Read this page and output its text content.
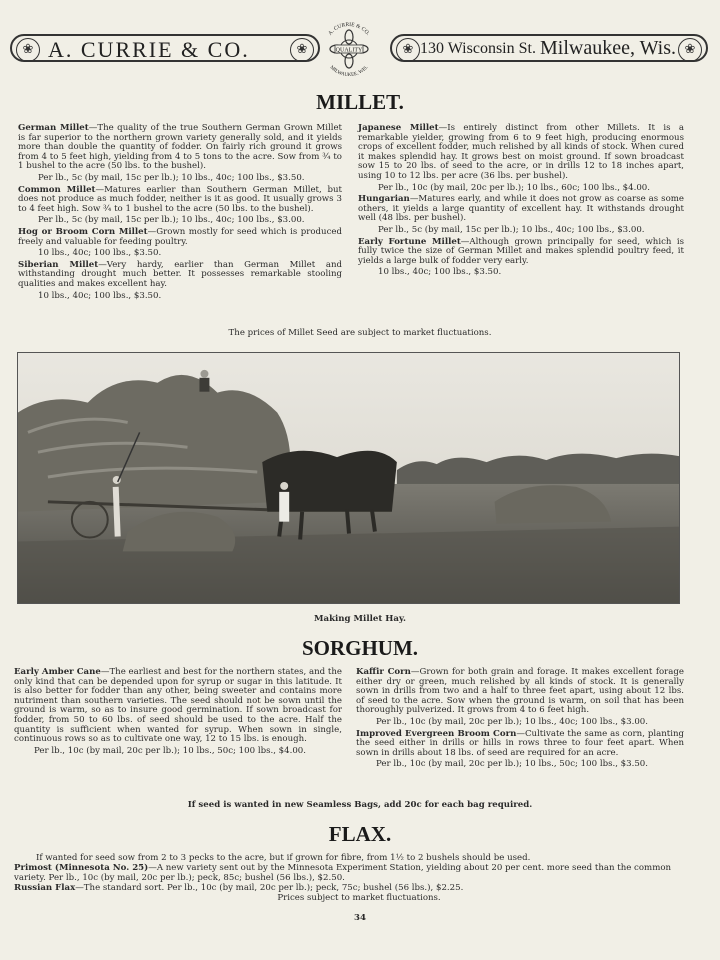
❀ A. CURRIE & CO.	❀	❀ 130 Wisconsin St. Milwaukee, Wis. ❀
QUALITY
A. CURRIE & CO.
MILWAUKEE, WIS.
MILLET.

German Millet—The quality of the true Southern German Grown Millet is far superior to the northern grown variety generally sold, and it yields more than double the quantity of fodder. On fairly rich ground it grows from 4 to 5 feet high, yielding from 4 to 5 tons to the acre. Sow from ¾ to 1 bushel to the acre (50 lbs. to the bushel).

Per lb., 5c (by mail, 15c per lb.); 10 lbs., 40c; 100 lbs., $3.50.

Common Millet—Matures earlier than Southern German Millet, but does not produce as much fodder, neither is it as good. It usually grows 3 to 4 feet high. Sow ¾ to 1 bushel to the acre (50 lbs. to the bushel).

Per lb., 5c (by mail, 15c per lb.); 10 lbs., 40c; 100 lbs., $3.00.

Hog or Broom Corn Millet—Grown mostly for seed which is produced freely and valuable for feeding poultry.

10 lbs., 40c; 100 lbs., $3.50.

Siberian Millet—Very hardy, earlier than German Millet and withstanding drought much better. It possesses remarkable stooling qualities and makes excellent hay.

10 lbs., 40c; 100 lbs., $3.50.

Japanese Millet—Is entirely distinct from other Millets. It is a remarkable yielder, growing from 6 to 9 feet high, producing enormous crops of excellent fodder, much relished by all kinds of stock. When cured it makes splendid hay. It grows best on moist ground. If sown broadcast sow 15 to 20 lbs. of seed to the acre, or in drills 12 to 18 inches apart, using 10 to 12 lbs. per acre (36 lbs. per bushel).

Per lb., 10c (by mail, 20c per lb.); 10 lbs., 60c; 100 lbs., $4.00.

Hungarian—Matures early, and while it does not grow as coarse as some others, it yields a large quantity of excellent hay. It withstands drought well (48 lbs. per bushel).

Per lb., 5c (by mail, 15c per lb.); 10 lbs., 40c; 100 lbs., $3.00.

Early Fortune Millet—Although grown principally for seed, which is fully twice the size of German Millet and makes splendid poultry feed, it yields a large bulk of fodder very early.

10 lbs., 40c; 100 lbs., $3.50.

The prices of Millet Seed are subject to market fluctuations.
Making Millet Hay.
SORGHUM.

Early Amber Cane—The earliest and best for the northern states, and the only kind that can be depended upon for syrup or sugar in this latitude. It is also better for fodder than any other, being sweeter and contains more nutriment than southern varieties. The seed should not be sown until the ground is warm, so as to insure good germination. If sown broadcast for fodder, from 50 to 60 lbs. of seed should be used to the acre. Half the quantity is sufficient when wanted for syrup. When sown in single, continuous rows so as to cultivate one way, 12 to 15 lbs. is enough.

Per lb., 10c (by mail, 20c per lb.); 10 lbs., 50c; 100 lbs., $4.00.

Kaffir Corn—Grown for both grain and forage. It makes excellent forage either dry or green, much relished by all kinds of stock. It is generally sown in drills from two and a half to three feet apart, using about 12 lbs. of seed to the acre. Sow when the ground is warm, on soil that has been thoroughly pulverized. It grows from 4 to 6 feet high.

Per lb., 10c (by mail, 20c per lb.); 10 lbs., 40c; 100 lbs., $3.00.

Improved Evergreen Broom Corn—Cultivate the same as corn, planting the seed either in drills or hills in rows three to four feet apart. When sown in drills about 18 lbs. of seed are required for an acre.

Per lb., 10c (by mail, 20c per lb.); 10 lbs., 50c; 100 lbs., $3.50.

If seed is wanted in new Seamless Bags, add 20c for each bag required.
FLAX.
If wanted for seed sow from 2 to 3 pecks to the acre, but if grown for fibre, from 1½ to 2 bushels should be used.
Primost (Minnesota No. 25)—A new variety sent out by the Minnesota Experiment Station, yielding about 20 per cent. more seed than the common variety. Per lb., 10c (by mail, 20c per lb.); peck, 85c; bushel (56 lbs.), $2.50.
Russian Flax—The standard sort. Per lb., 10c (by mail, 20c per lb.); peck, 75c; bushel (56 lbs.), $2.25.
Prices subject to market fluctuations.
34
